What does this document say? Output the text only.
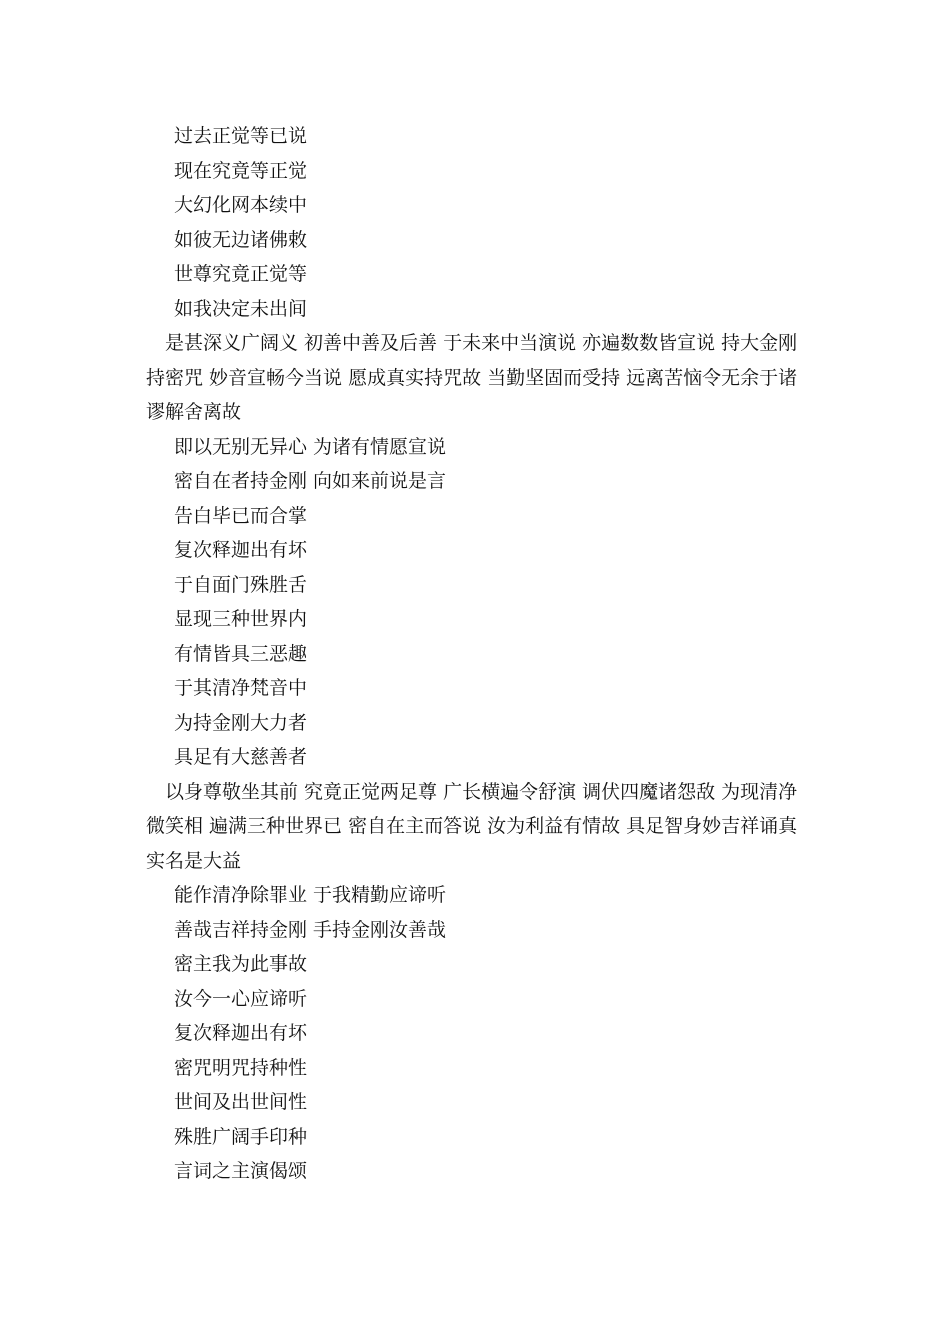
过去正觉等已说
现在究竟等正觉
大幻化网本续中
如彼无边诸佛敕
世尊究竟正觉等
如我决定未出间
是甚深义广阔义 初善中善及后善 于未来中当演说 亦遍数数皆宣说 持大金刚持密咒 妙音宣畅今当说 愿成真实持咒故 当勤坚固而受持 远离苦恼令无余于诸谬解舍离故
即以无别无异心 为诸有情愿宣说
密自在者持金刚 向如来前说是言
告白毕已而合掌
复次释迦出有坏
于自面门殊胜舌
显现三种世界内
有情皆具三恶趣
于其清净梵音中
为持金刚大力者
具足有大慈善者
以身尊敬坐其前 究竟正觉两足尊 广长横遍令舒演 调伏四魔诸怨敌 为现清净微笑相 遍满三种世界已 密自在主而答说 汝为利益有情故 具足智身妙吉祥诵真实名是大益
能作清净除罪业 于我精勤应谛听
善哉吉祥持金刚 手持金刚汝善哉
密主我为此事故
汝今一心应谛听
复次释迦出有坏
密咒明咒持种性
世间及出世间性
殊胜广阔手印种
言词之主演偈颂
